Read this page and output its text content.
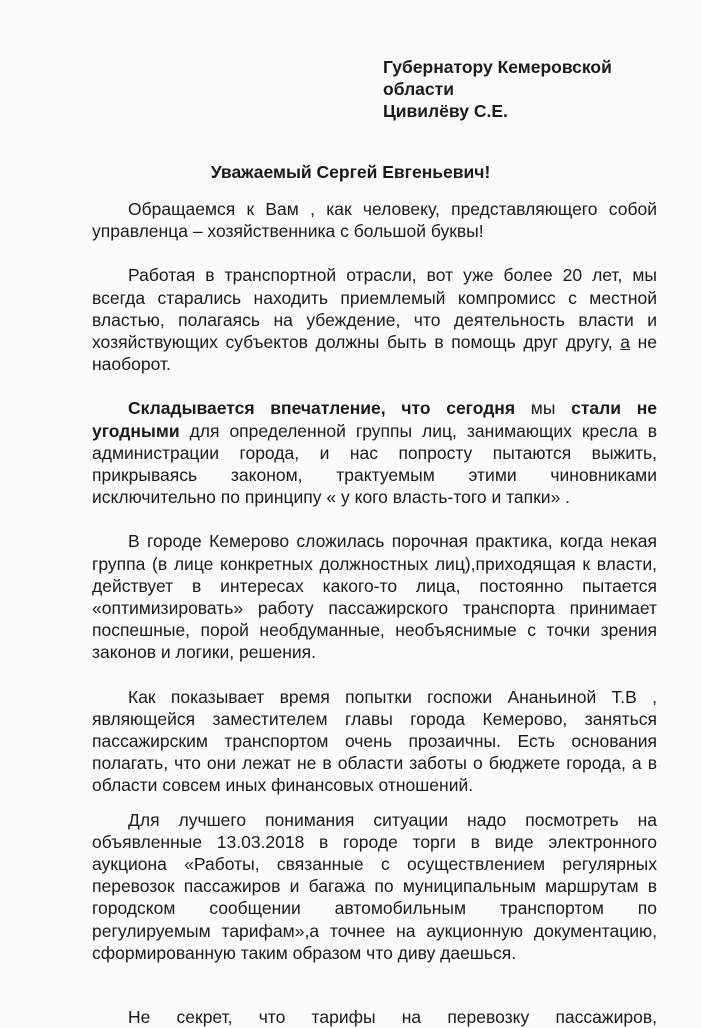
Губернатору Кемеровской
области
Цивилёву С.Е.
Уважаемый Сергей Евгеньевич!

Обращаемся к Вам , как человеку, представляющего собой управленца – хозяйственника с большой буквы!

Работая в транспортной отрасли, вот уже более 20 лет, мы всегда старались находить приемлемый компромисс с местной властью, полагаясь на убеждение, что деятельность власти и хозяйствующих субъектов должны быть в помощь друг другу, а не наоборот.

Складывается впечатление, что сегодня мы стали не угодными для определенной группы лиц, занимающих кресла в администрации города, и нас попросту пытаются выжить, прикрываясь законом, трактуемым этими чиновниками исключительно по принципу « у кого власть-того и тапки» .

В городе Кемерово сложилась порочная практика, когда некая группа (в лице конкретных должностных лиц),приходящая к власти, действует в интересах какого-то лица, постоянно пытается «оптимизировать» работу пассажирского транспорта принимает поспешные, порой необдуманные, необъяснимые с точки зрения законов и логики, решения.

Как показывает время попытки госпожи Ананьиной Т.В , являющейся заместителем главы города Кемерово, заняться пассажирским транспортом очень прозаичны. Есть основания полагать, что они лежат не в области заботы о бюджете города, а в области совсем иных финансовых отношений.

Для лучшего понимания ситуации надо посмотреть на объявленные 13.03.2018 в городе торги в виде электронного аукциона «Работы, связанные с осуществлением регулярных перевозок пассажиров и багажа по муниципальным маршрутам в городском сообщении автомобильным транспортом по регулируемым тарифам»,а точнее на аукционную документацию, сформированную таким образом что диву даешься.

Не секрет, что тарифы на перевозку пассажиров,
